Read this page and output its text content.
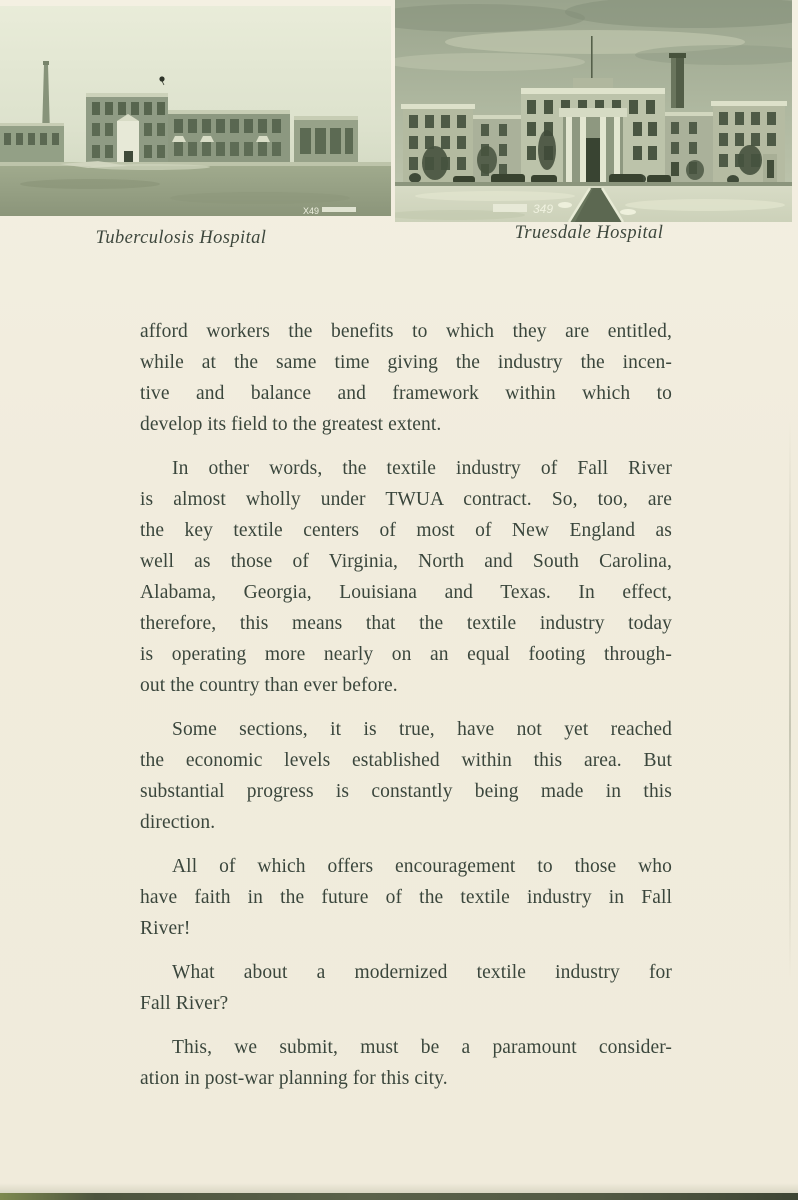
X49	349
Tuberculosis Hospital	Truesdale Hospital

afford workers the benefits to which they are entitled,
while at the same time giving the industry the incen-
tive and balance and framework within which to
develop its field to the greatest extent.

In other words, the textile industry of Fall River
is almost wholly under TWUA contract. So, too, are
the key textile centers of most of New England as
well as those of Virginia, North and South Carolina,
Alabama, Georgia, Louisiana and Texas. In effect,
therefore, this means that the textile industry today
is operating more nearly on an equal footing through-
out the country than ever before.

Some sections, it is true, have not yet reached
the economic levels established within this area. But
substantial progress is constantly being made in this
direction.

All of which offers encouragement to those who
have faith in the future of the textile industry in Fall
River!

What about a modernized textile industry for
Fall River?

This, we submit, must be a paramount consider-
ation in post-war planning for this city.
